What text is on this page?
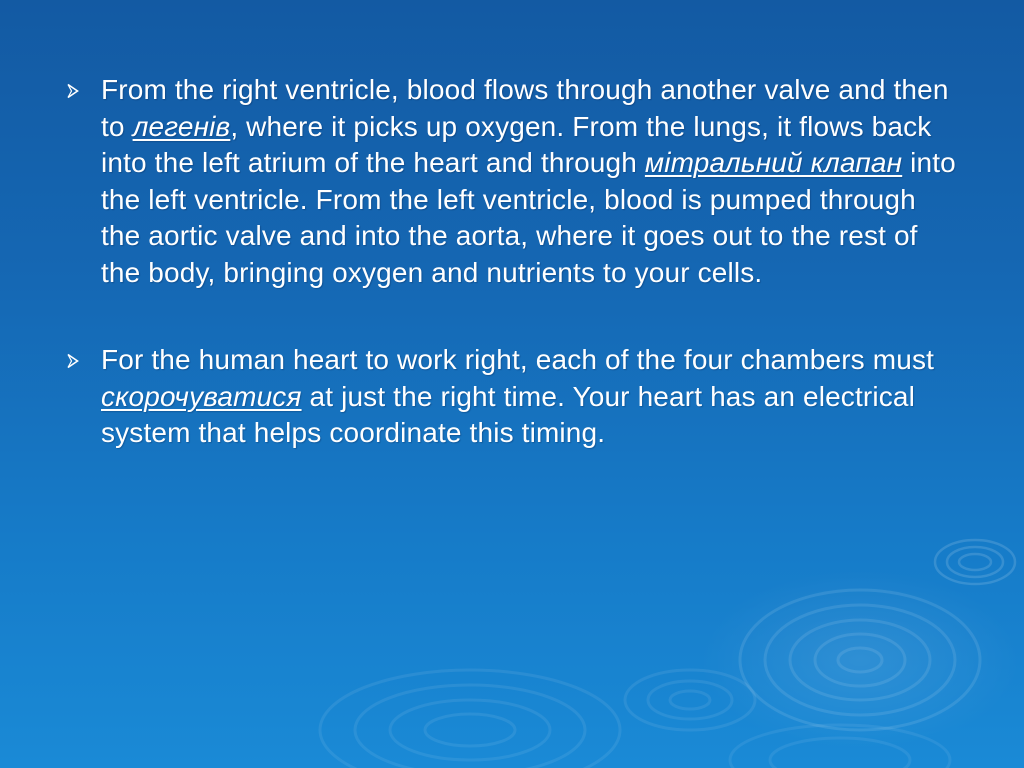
From the right ventricle, blood flows through another valve and then to легенів, where it picks up oxygen. From the lungs, it flows back into the left atrium of the heart and through мітральний клапан into the left ventricle. From the left ventricle, blood is pumped through the aortic valve and into the aorta, where it goes out to the rest of the body, bringing oxygen and nutrients to your cells.
For the human heart to work right, each of the four chambers must скорочуватися at just the right time. Your heart has an electrical system that helps coordinate this timing.
